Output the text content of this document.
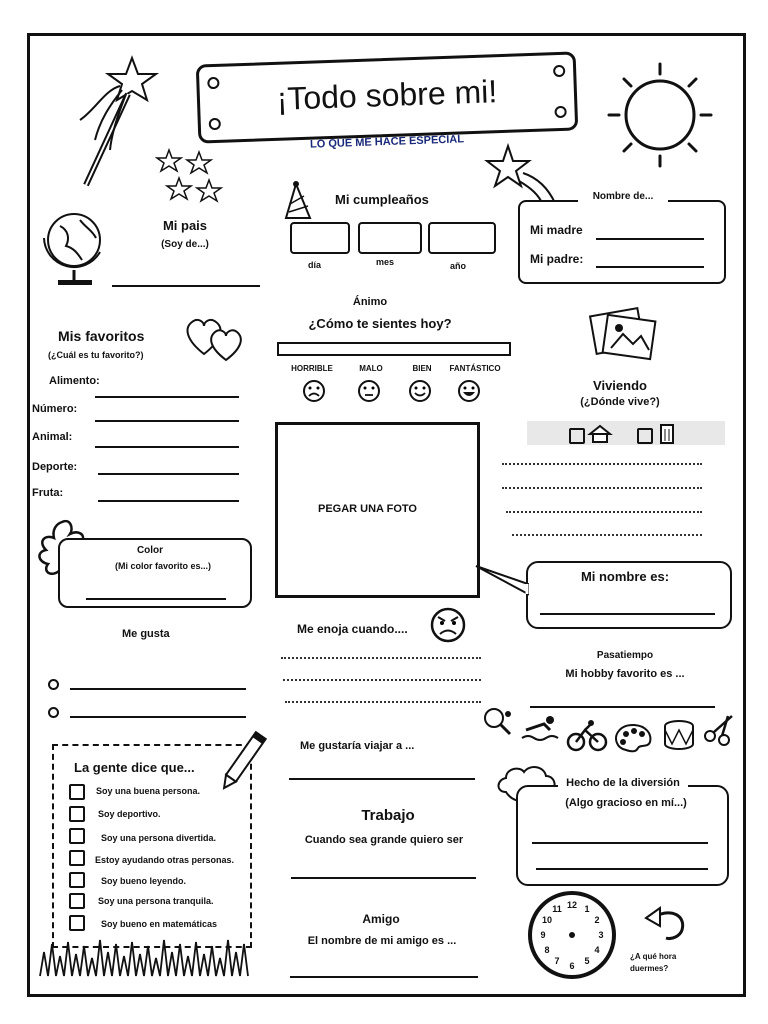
¡Todo sobre mi!
LO QUE ME HACE ESPECIAL
Mi pais
(Soy de...)
Mi cumpleaños
día	mes	año
Nombre de...
Mi madre
Mi padre:
Ánimo
¿Cómo te sientes hoy?
HORRIBLE	MALO	BIEN	FANTÁSTICO
Mis favoritos
(¿Cuál es tu favorito?)
Alimento:
Número:
Animal:
Deporte:
Fruta:
Viviendo
(¿Dónde vive?)
PEGAR UNA FOTO
Color
(Mi color favorito es...)
Mi nombre es:
Me gusta	Me enoja cuando....
Pasatiempo
Mi hobby favorito es ...
La gente dice que...
Soy una buena persona.
Soy deportivo.
Soy una persona divertida.
Estoy ayudando otras personas.
Soy bueno leyendo.
Soy una persona tranquila.
Soy bueno en matemáticas
Me gustaría viajar a ...
Hecho de la diversión
(Algo gracioso en mí...)
Trabajo
Cuando sea grande quiero ser
Amigo
El nombre de mi amigo es ...
12 1
2
3
4
5
6
7
8
9
10
11
¿A qué hora duermes?
